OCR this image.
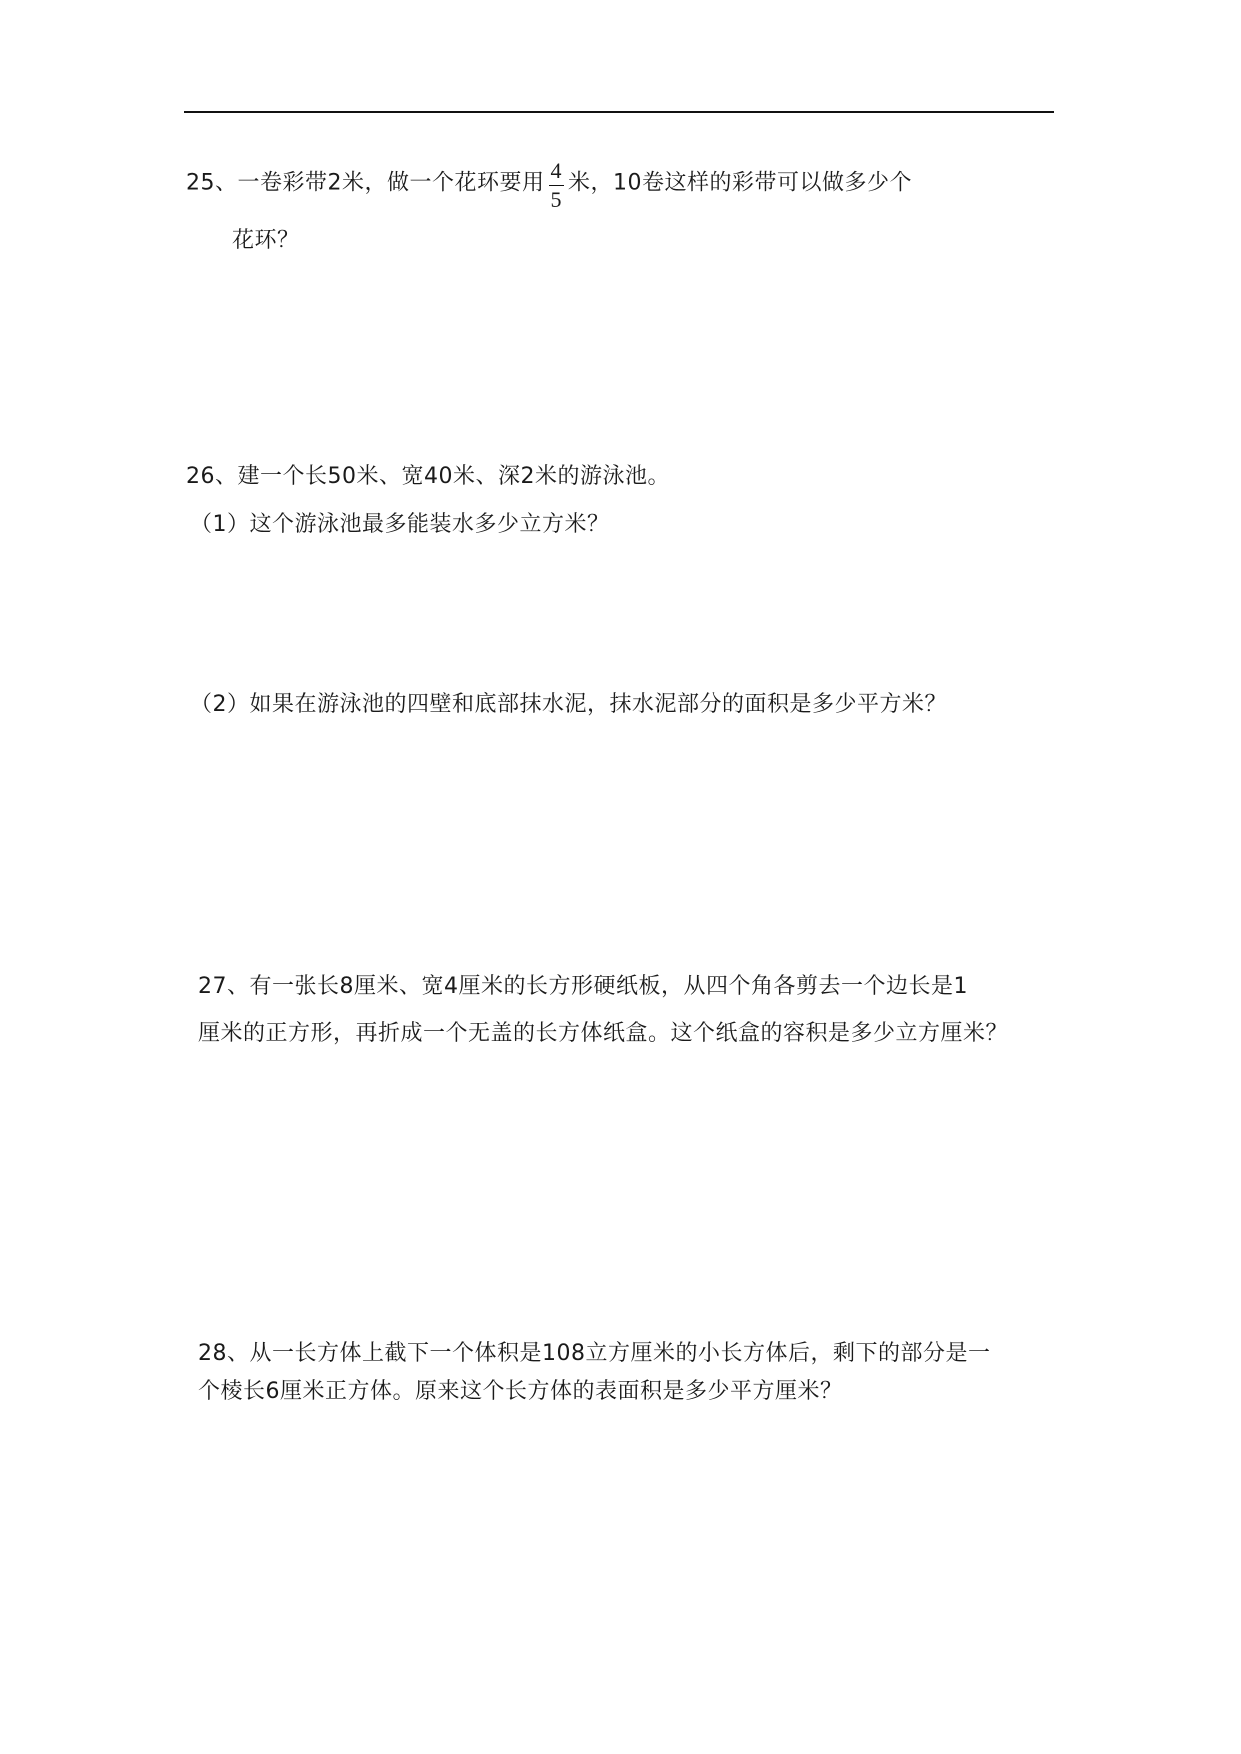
25、一卷彩带2米，做一个花环要用 $\frac{4}{5}$ 米，10卷这样的彩带可以做多少个
花环？
26、建一个长50米、宽40米、深2米的游泳池。
（1）这个游泳池最多能装水多少立方米？
（2）如果在游泳池的四壁和底部抹水泥，抹水泥部分的面积是多少平方米？
27、有一张长8厘米、宽4厘米的长方形硬纸板，从四个角各剪去一个边长是1
厘米的正方形，再折成一个无盖的长方体纸盒。这个纸盒的容积是多少立方厘米？
28、从一长方体上截下一个体积是108立方厘米的小长方体后，剩下的部分是一
个棱长6厘米正方体。原来这个长方体的表面积是多少平方厘米？
